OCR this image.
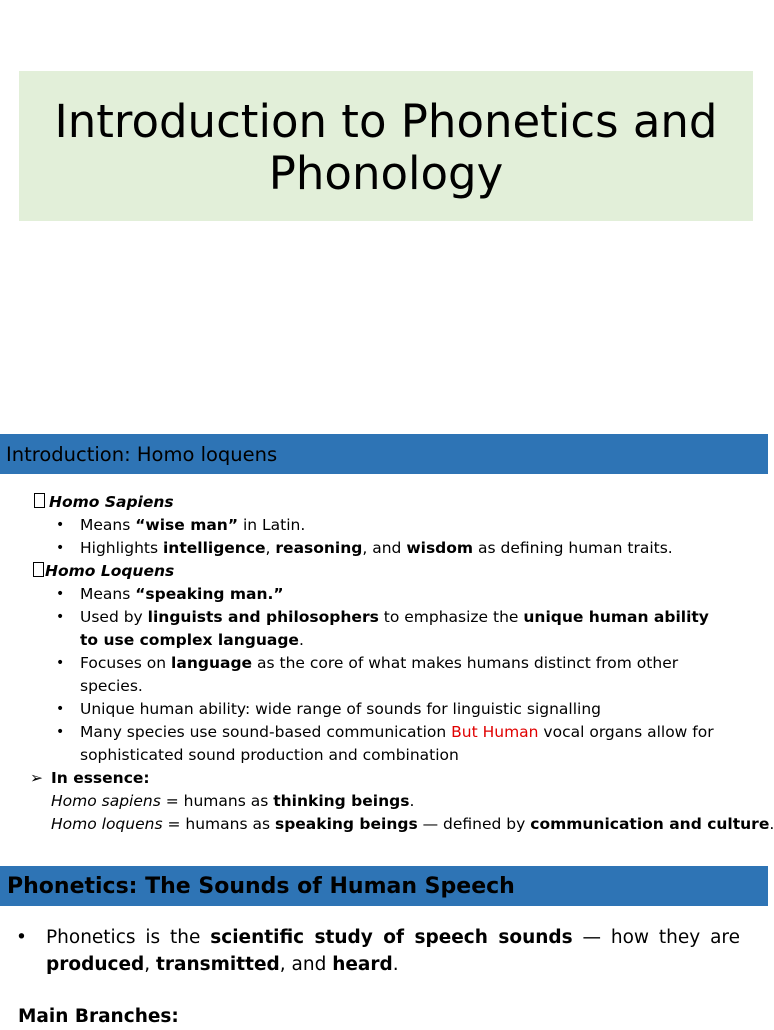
Introduction to Phonetics and Phonology
Introduction: Homo loquens
Homo Sapiens
•	Means “wise man” in Latin.
•	Highlights intelligence, reasoning, and wisdom as defining human traits.
Homo Loquens
•	Means “speaking man.”
•	Used by linguists and philosophers to emphasize the unique human ability to use complex language.
•	Focuses on language as the core of what makes humans distinct from other species.
•	Unique human ability: wide range of sounds for linguistic signalling
•	Many species use sound-based communication But Human vocal organs allow for sophisticated sound production and combination
➢ In essence:
Homo sapiens = humans as thinking beings.
Homo loquens = humans as speaking beings — defined by communication and culture.
Phonetics: The Sounds of Human Speech
•	Phonetics is the scientific study of speech sounds — how they are produced, transmitted, and heard.
Main Branches:
